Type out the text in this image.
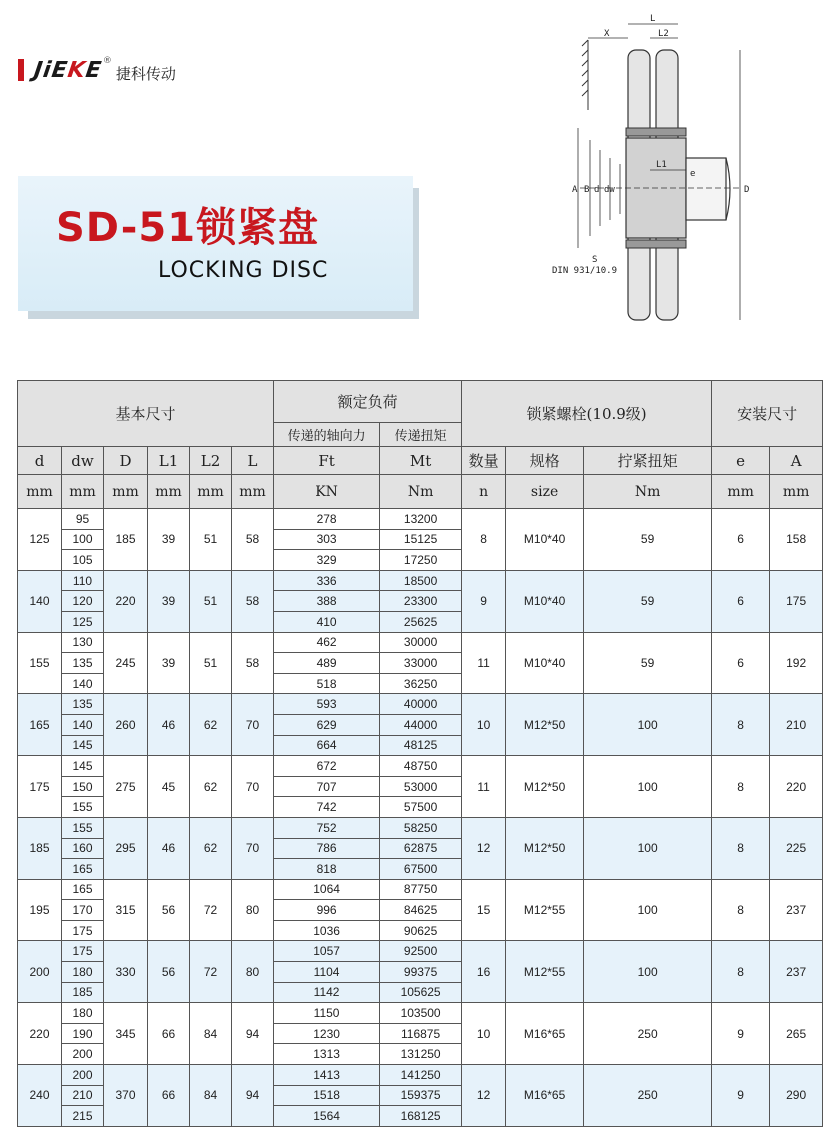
JiEKE ®
捷科传动
SD-51锁紧盘
LOCKING DISC
L
X	L2
L1
e
A B d dw	D
S
DIN 931/10.9
基本尺寸						额定负荷		锁紧螺栓(10.9级)			安装尺寸	
						传递的轴向力	传递扭矩					
d	dw	D	L1	L2	L	Ft	Mt	数量	规格	拧紧扭矩	e	A
mm	mm	mm	mm	mm	mm	KN	Nm	n	size	Nm	mm	mm
125	95	185	39	51	58	278	13200	8	M10*40	59	6	158
	100					303	15125					
	105					329	17250					
140	110	220	39	51	58	336	18500	9	M10*40	59	6	175
	120					388	23300					
	125					410	25625					
155	130	245	39	51	58	462	30000	11	M10*40	59	6	192
	135					489	33000					
	140					518	36250					
165	135	260	46	62	70	593	40000	10	M12*50	100	8	210
	140					629	44000					
	145					664	48125					
175	145	275	45	62	70	672	48750	11	M12*50	100	8	220
	150					707	53000					
	155					742	57500					
185	155	295	46	62	70	752	58250	12	M12*50	100	8	225
	160					786	62875					
	165					818	67500					
195	165	315	56	72	80	1064	87750	15	M12*55	100	8	237
	170					996	84625					
	175					1036	90625					
200	175	330	56	72	80	1057	92500	16	M12*55	100	8	237
	180					1104	99375					
	185					1142	105625					
220	180	345	66	84	94	1150	103500	10	M16*65	250	9	265
	190					1230	116875					
	200					1313	131250					
240	200	370	66	84	94	1413	141250	12	M16*65	250	9	290
	210					1518	159375					
	215					1564	168125					
